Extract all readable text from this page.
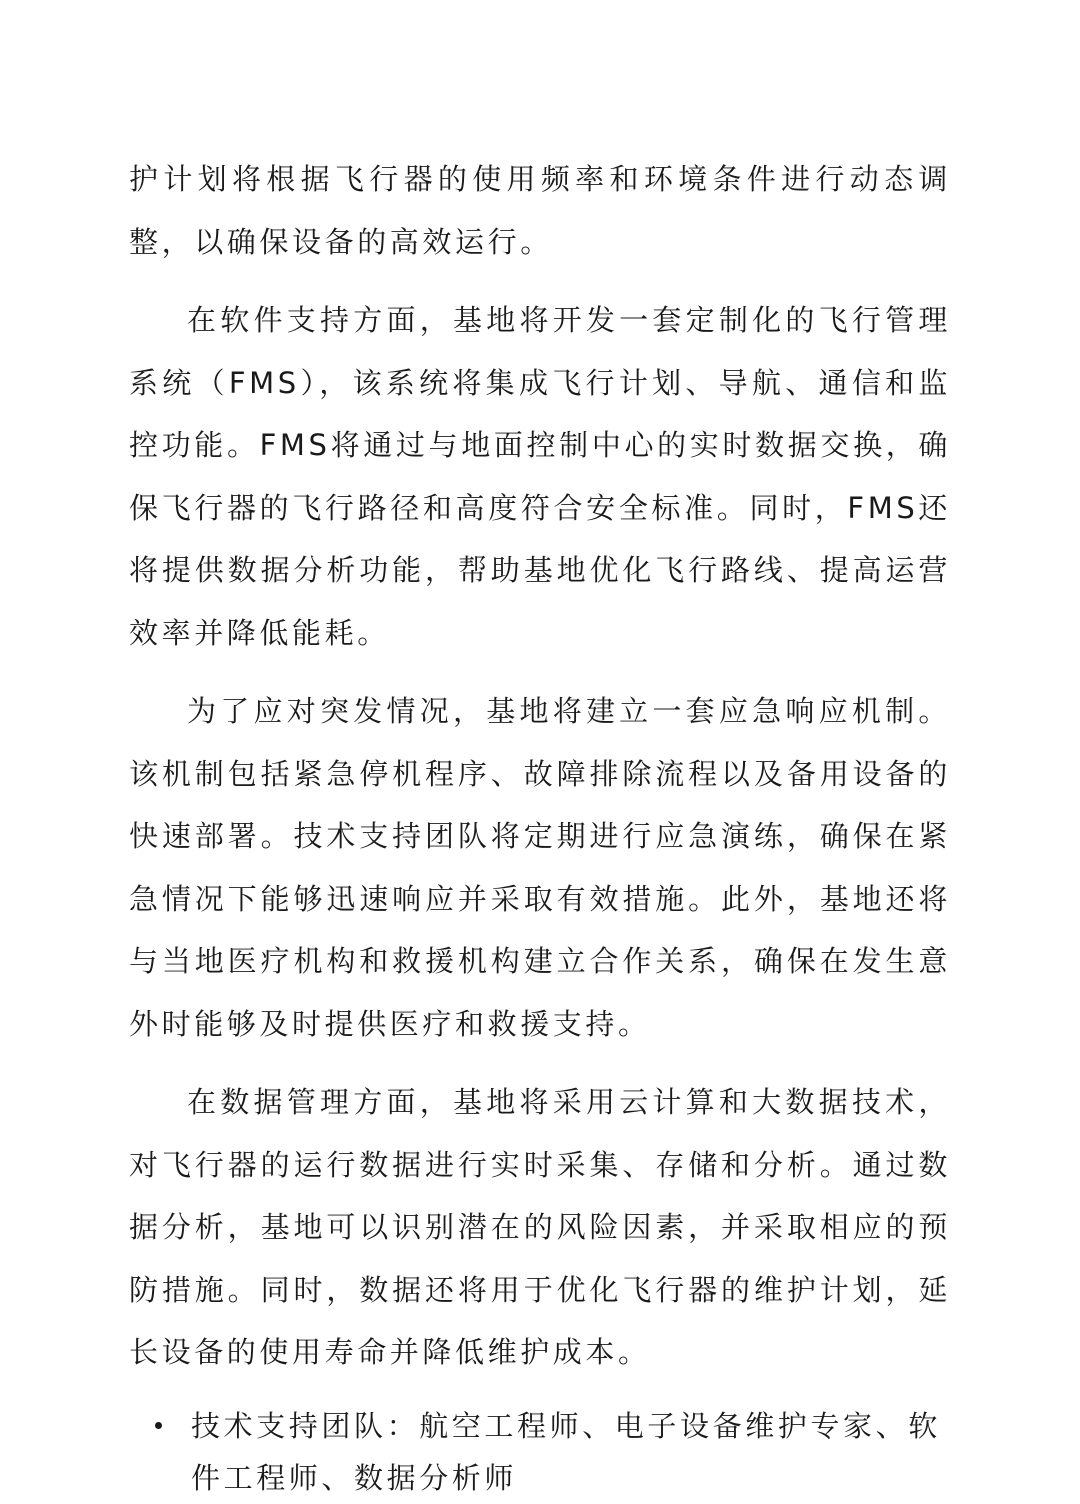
护计划将根据飞行器的使用频率和环境条件进行动态调整，以确保设备的高效运行。

在软件支持方面，基地将开发一套定制化的飞行管理系统（FMS），该系统将集成飞行计划、导航、通信和监控功能。FMS将通过与地面控制中心的实时数据交换，确保飞行器的飞行路径和高度符合安全标准。同时，FMS还将提供数据分析功能，帮助基地优化飞行路线、提高运营效率并降低能耗。

为了应对突发情况，基地将建立一套应急响应机制。该机制包括紧急停机程序、故障排除流程以及备用设备的快速部署。技术支持团队将定期进行应急演练，确保在紧急情况下能够迅速响应并采取有效措施。此外，基地还将与当地医疗机构和救援机构建立合作关系，确保在发生意外时能够及时提供医疗和救援支持。

在数据管理方面，基地将采用云计算和大数据技术，对飞行器的运行数据进行实时采集、存储和分析。通过数据分析，基地可以识别潜在的风险因素，并采取相应的预防措施。同时，数据还将用于优化飞行器的维护计划，延长设备的使用寿命并降低维护成本。

技术支持团队：航空工程师、电子设备维护专家、软件工程师、数据分析师
